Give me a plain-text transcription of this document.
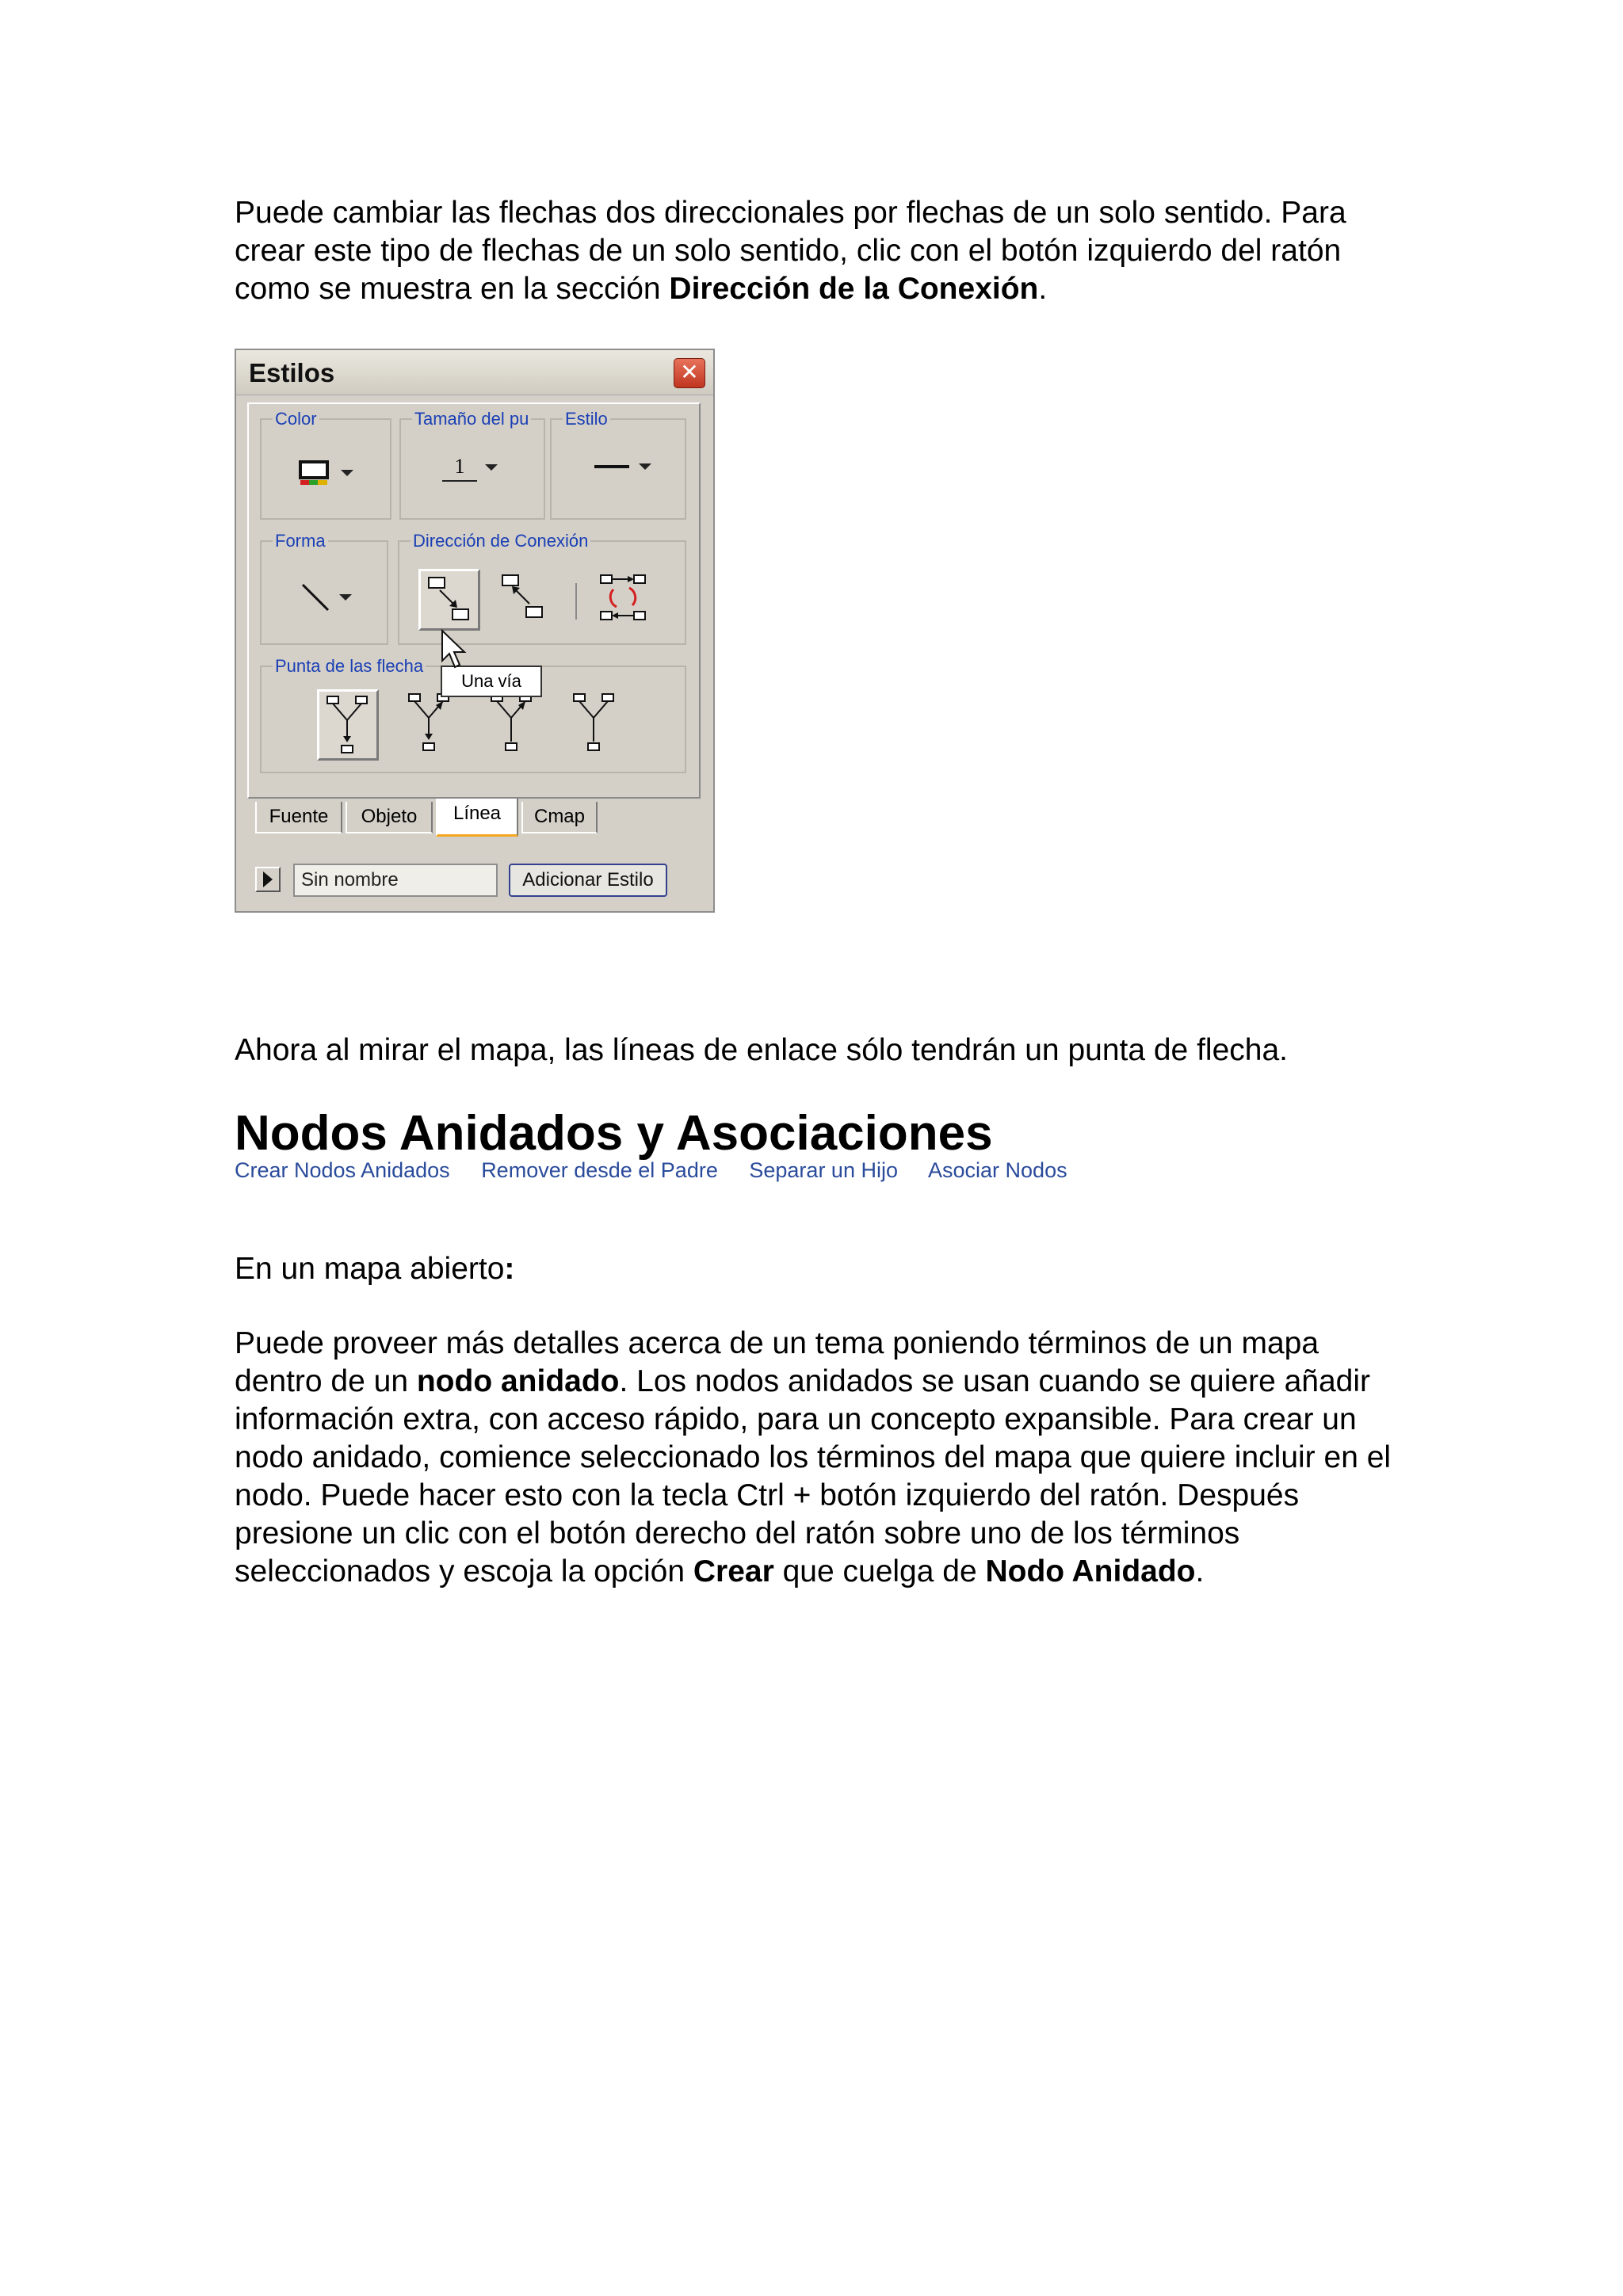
Puede cambiar las flechas dos direccionales por flechas de un solo sentido. Para crear este tipo de flechas de un solo sentido, clic con el botón izquierdo del ratón como se muestra en la sección Dirección de la Conexión.

Estilos	✕
Color	Tamaño del pu
1
Estilo
Forma	Dirección de Conexión
Punta de las flecha
Una vía
Fuente	Objeto	Línea	Cmap
Sin nombre	Adicionar Estilo

Ahora al mirar el mapa, las líneas de enlace sólo tendrán un punta de flecha.

Nodos Anidados y Asociaciones
Crear Nodos Anidados Remover desde el Padre Separar un Hijo Asociar Nodos

En un mapa abierto:

Puede proveer más detalles acerca de un tema poniendo términos de un mapa dentro de un nodo anidado. Los nodos anidados se usan cuando se quiere añadir información extra, con acceso rápido, para un concepto expansible. Para crear un nodo anidado, comience seleccionado los términos del mapa que quiere incluir en el nodo. Puede hacer esto con la tecla Ctrl + botón izquierdo del ratón. Después presione un clic con el botón derecho del ratón sobre uno de los términos seleccionados y escoja la opción Crear que cuelga de Nodo Anidado.
